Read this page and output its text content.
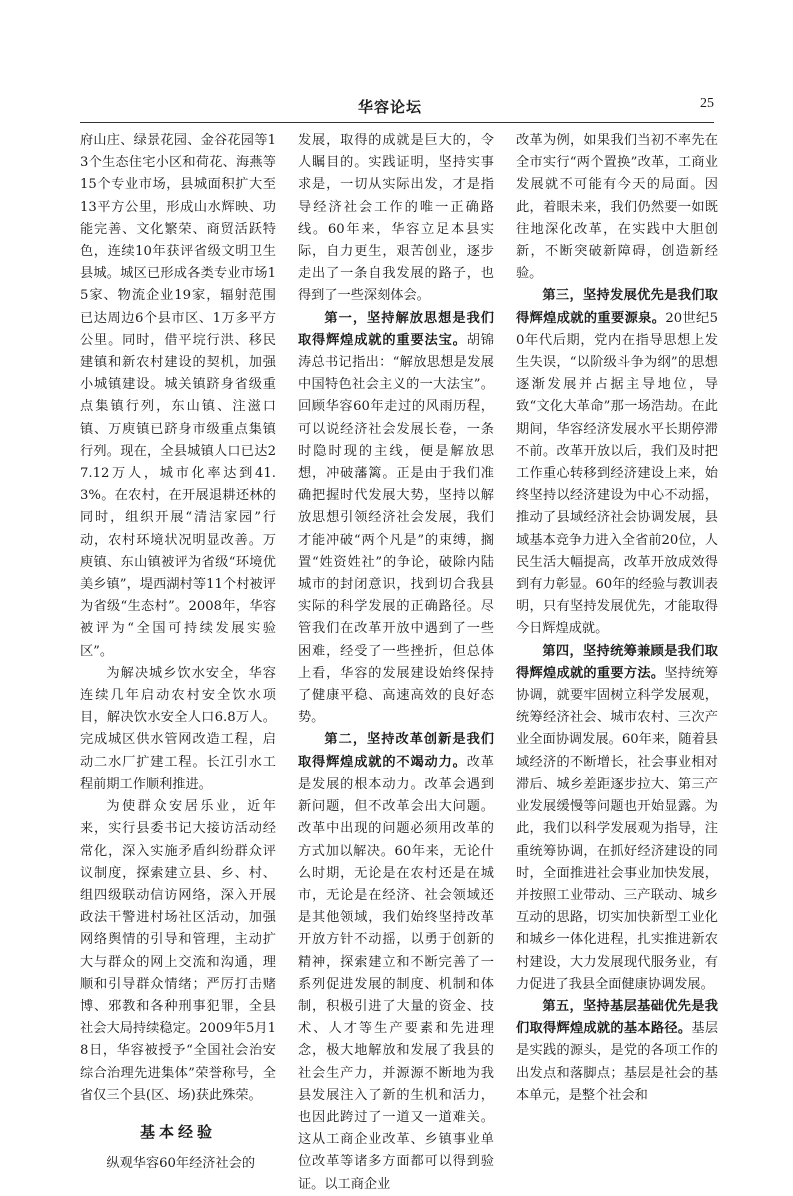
华容论坛	25

府山庄、绿景花园、金谷花园等13个生态住宅小区和荷花、海燕等15个专业市场，县城面积扩大至13平方公里，形成山水辉映、功能完善、文化繁荣、商贸活跃特色，连续10年获评省级文明卫生县城。城区已形成各类专业市场15家、物流企业19家，辐射范围已达周边6个县市区、1万多平方公里。同时，借平垸行洪、移民建镇和新农村建设的契机，加强小城镇建设。城关镇跻身省级重点集镇行列，东山镇、注滋口镇、万庾镇已跻身市级重点集镇行列。现在，全县城镇人口已达27.12万人，城市化率达到41.3%。在农村，在开展退耕还林的同时，组织开展“清洁家园”行动，农村环境状况明显改善。万庾镇、东山镇被评为省级“环境优美乡镇”，堤西湖村等11个村被评为省级“生态村”。2008年，华容被评为“全国可持续发展实验区”。

为解决城乡饮水安全，华容连续几年启动农村安全饮水项目，解决饮水安全人口6.8万人。完成城区供水管网改造工程，启动二水厂扩建工程。长江引水工程前期工作顺利推进。

为使群众安居乐业，近年来，实行县委书记大接访活动经常化，深入实施矛盾纠纷群众评议制度，探索建立县、乡、村、组四级联动信访网络，深入开展政法干警进村场社区活动，加强网络舆情的引导和管理，主动扩大与群众的网上交流和沟通，理顺和引导群众情绪；严厉打击赌博、邪教和各种刑事犯罪，全县社会大局持续稳定。2009年5月18日，华容被授予“全国社会治安综合治理先进集体”荣誉称号，全省仅三个县(区、场)获此殊荣。

基本经验

纵观华容60年经济社会的

发展，取得的成就是巨大的，令人瞩目的。实践证明，坚持实事求是，一切从实际出发，才是指导经济社会工作的唯一正确路线。60年来，华容立足本县实际，自力更生，艰苦创业，逐步走出了一条自我发展的路子，也得到了一些深刻体会。

第一，坚持解放思想是我们取得辉煌成就的重要法宝。胡锦涛总书记指出：“解放思想是发展中国特色社会主义的一大法宝”。回顾华容60年走过的风雨历程，可以说经济社会发展长卷，一条时隐时现的主线，便是解放思想，冲破藩篱。正是由于我们准确把握时代发展大势，坚持以解放思想引领经济社会发展，我们才能冲破“两个凡是”的束缚，搁置“姓资姓社”的争论，破除内陆城市的封闭意识，找到切合我县实际的科学发展的正确路径。尽管我们在改革开放中遇到了一些困难，经受了一些挫折，但总体上看，华容的发展建设始终保持了健康平稳、高速高效的良好态势。

第二，坚持改革创新是我们取得辉煌成就的不竭动力。改革是发展的根本动力。改革会遇到新问题，但不改革会出大问题。改革中出现的问题必须用改革的方式加以解决。60年来，无论什么时期，无论是在农村还是在城市，无论是在经济、社会领域还是其他领域，我们始终坚持改革开放方针不动摇，以勇于创新的精神，探索建立和不断完善了一系列促进发展的制度、机制和体制，积极引进了大量的资金、技术、人才等生产要素和先进理念，极大地解放和发展了我县的社会生产力，并源源不断地为我县发展注入了新的生机和活力，也因此跨过了一道又一道难关。这从工商企业改革、乡镇事业单位改革等诸多方面都可以得到验证。以工商企业

改革为例，如果我们当初不率先在全市实行“两个置换”改革，工商业发展就不可能有今天的局面。因此，着眼未来，我们仍然要一如既往地深化改革，在实践中大胆创新，不断突破新障碍，创造新经验。

第三，坚持发展优先是我们取得辉煌成就的重要源泉。20世纪50年代后期，党内在指导思想上发生失误，“以阶级斗争为纲”的思想逐渐发展并占据主导地位，导致“文化大革命”那一场浩劫。在此期间，华容经济发展水平长期停滞不前。改革开放以后，我们及时把工作重心转移到经济建设上来，始终坚持以经济建设为中心不动摇，推动了县域经济社会协调发展，县域基本竞争力进入全省前20位，人民生活大幅提高，改革开放成效得到有力彰显。60年的经验与教训表明，只有坚持发展优先，才能取得今日辉煌成就。

第四，坚持统筹兼顾是我们取得辉煌成就的重要方法。坚持统筹协调，就要牢固树立科学发展观，统筹经济社会、城市农村、三次产业全面协调发展。60年来，随着县域经济的不断增长，社会事业相对滞后、城乡差距逐步拉大、第三产业发展缓慢等问题也开始显露。为此，我们以科学发展观为指导，注重统筹协调，在抓好经济建设的同时，全面推进社会事业加快发展，并按照工业带动、三产联动、城乡互动的思路，切实加快新型工业化和城乡一体化进程，扎实推进新农村建设，大力发展现代服务业，有力促进了我县全面健康协调发展。

第五，坚持基层基础优先是我们取得辉煌成就的基本路径。基层是实践的源头，是党的各项工作的出发点和落脚点；基层是社会的基本单元，是整个社会和
